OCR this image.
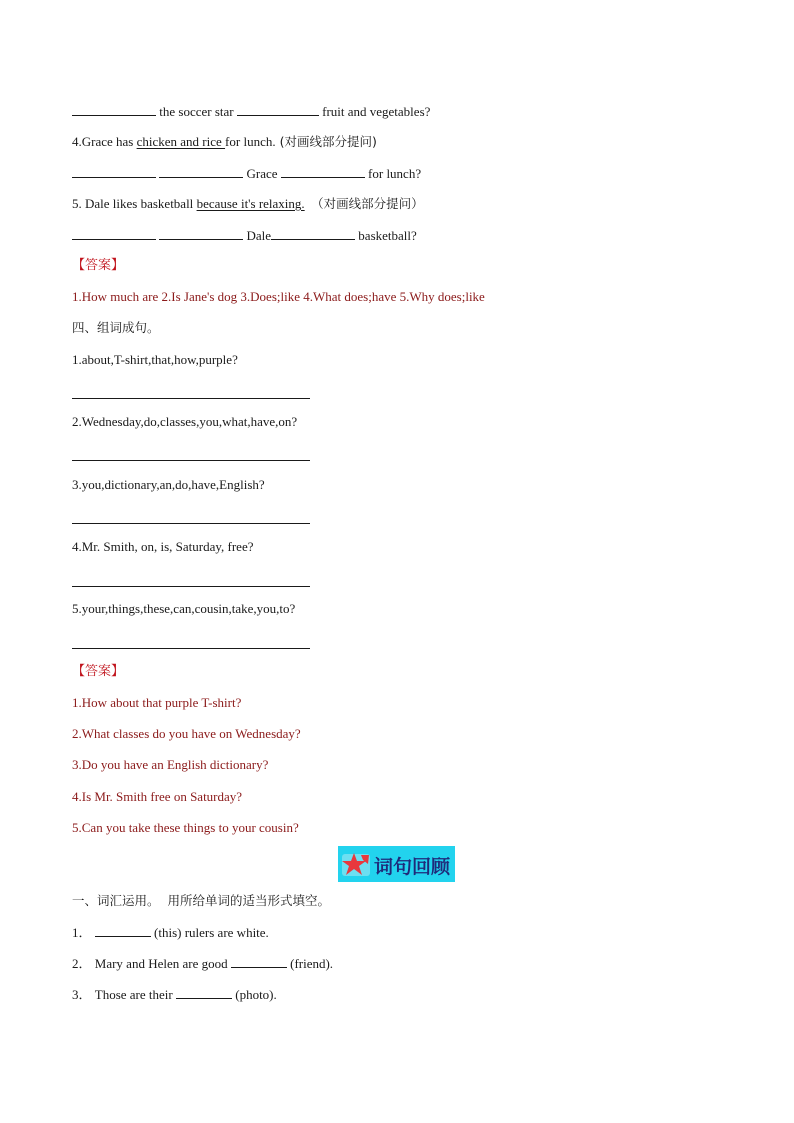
the soccer star	fruit and vegetables?
4.Grace has chicken and rice for lunch. (对画线部分提问)
Grace	for lunch?
5. Dale likes basketball because it's relaxing. （对画线部分提问）
Dale	basketball?
【答案】
1.How much are 2.Is Jane's dog 3.Does;like 4.What does;have 5.Why does;like
四、组词成句。
1.about,T-shirt,that,how,purple?
2.Wednesday,do,classes,you,what,have,on?
3.you,dictionary,an,do,have,English?
4.Mr. Smith, on, is, Saturday, free?
5.your,things,these,can,cousin,take,you,to?
【答案】
1.How about that purple T-shirt?
2.What classes do you have on Wednesday?
3.Do you have an English dictionary?
4.Is Mr. Smith free on Saturday?
5.Can you take these things to your cousin?
词句回顾
一、词汇运用。 用所给单词的适当形式填空。
1．	(this) rulers are white.
2． Mary and Helen are good	(friend).
3． Those are their	(photo).
